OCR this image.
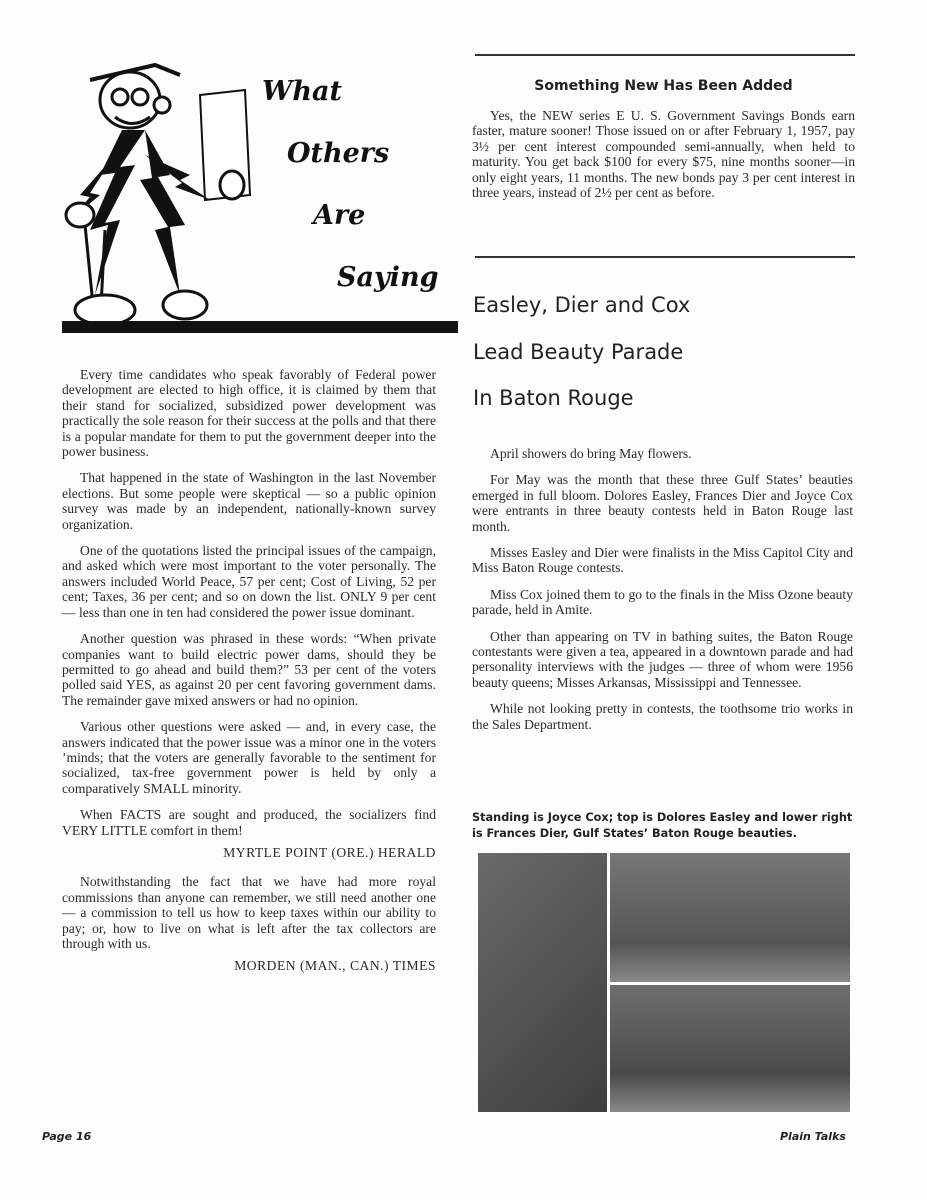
What
Others
Are
Saying

Every time candidates who speak favorably of Federal power development are elected to high office, it is claimed by them that their stand for socialized, subsidized power development was practically the sole reason for their success at the polls and that there is a popular mandate for them to put the government deeper into the power business.

That happened in the state of Washington in the last November elections. But some people were skeptical — so a public opinion survey was made by an independent, nationally-known survey organization.

One of the quotations listed the principal issues of the campaign, and asked which were most important to the voter personally. The answers included World Peace, 57 per cent; Cost of Living, 52 per cent; Taxes, 36 per cent; and so on down the list. ONLY 9 per cent — less than one in ten had considered the power issue dominant.

Another question was phrased in these words: “When private companies want to build electric power dams, should they be permitted to go ahead and build them?” 53 per cent of the voters polled said YES, as against 20 per cent favoring government dams. The remainder gave mixed answers or had no opinion.

Various other questions were asked — and, in every case, the answers indicated that the power issue was a minor one in the voters ’minds; that the voters are generally favorable to the sentiment for socialized, tax-free government power is held by only a comparatively SMALL minority.

When FACTS are sought and produced, the socializers find VERY LITTLE comfort in them!

MYRTLE POINT (ORE.) HERALD

Notwithstanding the fact that we have had more royal commissions than anyone can remember, we still need another one — a commission to tell us how to keep taxes within our ability to pay; or, how to live on what is left after the tax collectors are through with us.

MORDEN (MAN., CAN.) TIMES
Something New Has Been Added

Yes, the NEW series E U. S. Government Savings Bonds earn faster, mature sooner! Those issued on or after February 1, 1957, pay 3½ per cent interest compounded semi-annually, when held to maturity. You get back $100 for every $75, nine months sooner—in only eight years, 11 months. The new bonds pay 3 per cent interest in three years, instead of 2½ per cent as before.

Easley, Dier and Cox
Lead Beauty Parade
In Baton Rouge

April showers do bring May flowers.

For May was the month that these three Gulf States’ beauties emerged in full bloom. Dolores Easley, Frances Dier and Joyce Cox were entrants in three beauty contests held in Baton Rouge last month.

Misses Easley and Dier were finalists in the Miss Capitol City and Miss Baton Rouge contests.

Miss Cox joined them to go to the finals in the Miss Ozone beauty parade, held in Amite.

Other than appearing on TV in bathing suites, the Baton Rouge contestants were given a tea, appeared in a downtown parade and had personality interviews with the judges — three of whom were 1956 beauty queens; Misses Arkansas, Mississippi and Tennessee.

While not looking pretty in contests, the toothsome trio works in the Sales Department.

Standing is Joyce Cox; top is Dolores Easley and lower right is Frances Dier, Gulf States’ Baton Rouge beauties.
Page 16	Plain Talks
